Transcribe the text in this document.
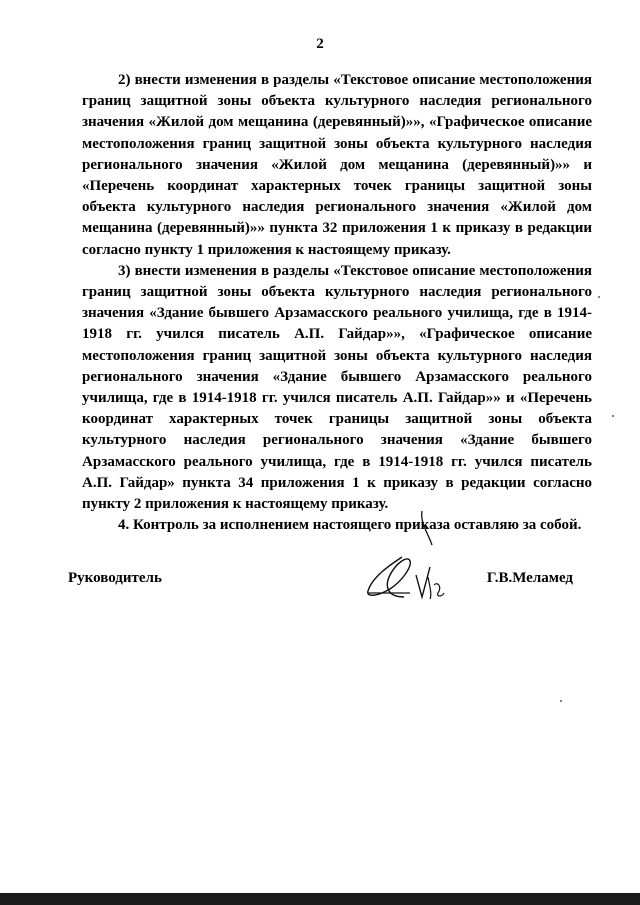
2

2) внести изменения в разделы «Текстовое описание местоположения границ защитной зоны объекта культурного наследия регионального значения «Жилой дом мещанина (деревянный)»», «Графическое описание местоположения границ защитной зоны объекта культурного наследия регионального значения «Жилой дом мещанина (деревянный)»» и «Перечень координат характерных точек границы защитной зоны объекта культурного наследия регионального значения «Жилой дом мещанина (деревянный)»» пункта 32 приложения 1 к приказу в редакции согласно пункту 1 приложения к настоящему приказу.

3) внести изменения в разделы «Текстовое описание местоположения границ защитной зоны объекта культурного наследия регионального значения «Здание бывшего Арзамасского реального училища, где в 1914-1918 гг. учился писатель А.П. Гайдар»», «Графическое описание местоположения границ защитной зоны объекта культурного наследия регионального значения «Здание бывшего Арзамасского реального училища, где в 1914-1918 гг. учился писатель А.П. Гайдар»» и «Перечень координат характерных точек границы защитной зоны объекта культурного наследия регионального значения «Здание бывшего Арзамасского реального училища, где в 1914-1918 гг. учился писатель А.П. Гайдар» пункта 34 приложения 1 к приказу в редакции согласно пункту 2 приложения к настоящему приказу.

4. Контроль за исполнением настоящего приказа оставляю за собой.

Руководитель	Г.В.Меламед
